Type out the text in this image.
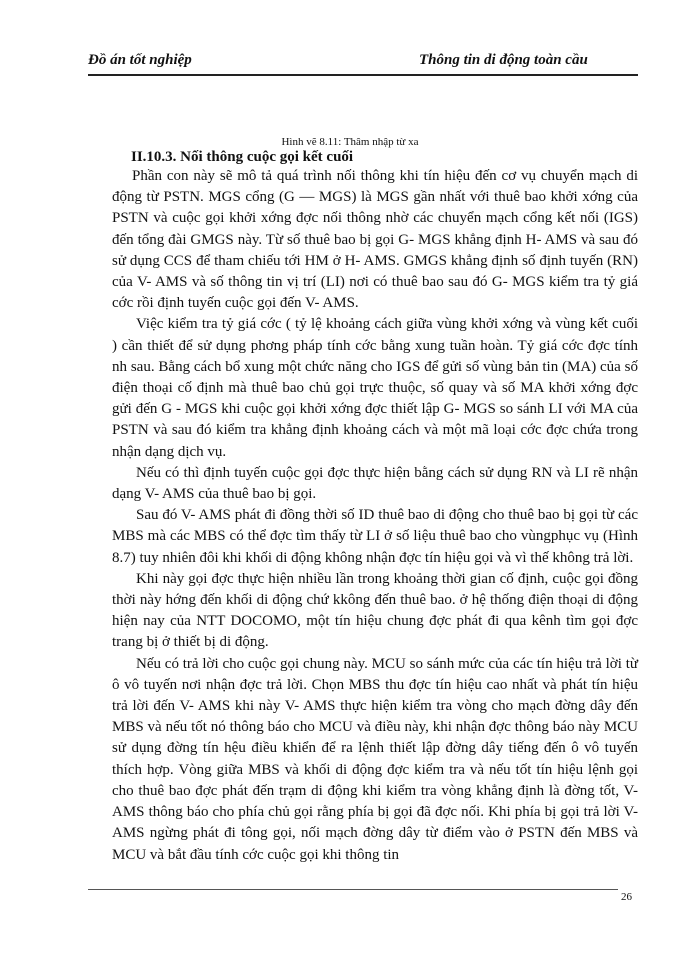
Đồ án tốt nghiệp	Thông tin di động toàn cầu
Hình vẽ 8.11: Thâm nhập từ xa
II.10.3. Nối thông cuộc gọi kết cuối

Phần con này sẽ mô tả quá trình nối thông khi tín hiệu đến cơ vụ chuyển mạch di động từ PSTN. MGS cổng (G — MGS) là MGS gần nhất với thuê bao khởi xớng của PSTN và cuộc gọi khởi xớng đợc nối thông nhờ các chuyển mạch cổng kết nối (IGS) đến tổng đài GMGS này. Từ số thuê bao bị gọi G- MGS khẳng định H- AMS và sau đó sử dụng CCS để tham chiếu tới HM ở H- AMS. GMGS khẳng định số định tuyến (RN) của V- AMS và số thông tin vị trí (LI) nơi có thuê bao sau đó G- MGS kiểm tra tỷ giá cớc rồi định tuyến cuộc gọi đến V- AMS.

Việc kiểm tra tỷ giá cớc ( tỷ lệ khoảng cách giữa vùng khởi xớng và vùng kết cuối ) cần thiết để sử dụng phơng pháp tính cớc bằng xung tuần hoàn. Tỷ giá cớc đợc tính nh sau. Bằng cách bổ xung một chức năng cho IGS để gửi số vùng bản tin (MA) của số điện thoại cố định mà thuê bao chủ gọi trực thuộc, số quay và số MA khởi xớng đợc gửi đến G - MGS khi cuộc gọi khởi xớng đợc thiết lập G- MGS so sánh LI với MA của PSTN và sau đó kiểm tra khẳng định khoảng cách và một mã loại cớc đợc chứa trong nhận dạng dịch vụ.

Nếu có thì định tuyến cuộc gọi đợc thực hiện bằng cách sử dụng RN và LI rẽ nhận dạng V- AMS của thuê bao bị gọi.

Sau đó V- AMS phát đi đồng thời số ID thuê bao di động cho thuê bao bị gọi từ các MBS mà các MBS có thể đợc tìm thấy từ LI ở số liệu thuê bao cho vùngphục vụ (Hình 8.7) tuy nhiên đôi khi khối di động không nhận đợc tín hiệu gọi và vì thế không trả lời.

Khi này gọi đợc thực hiện nhiều lần trong khoảng thời gian cố định, cuộc gọi đồng thời này hớng đến khối di động chứ kkông đến thuê bao. ở hệ thống điện thoại di động hiện nay của NTT DOCOMO, một tín hiệu chung đợc phát đi qua kênh tìm gọi đợc trang bị ở thiết bị di động.

Nếu có trả lời cho cuộc gọi chung này. MCU so sánh mức của các tín hiệu trả lời từ ô vô tuyến nơi nhận đợc trả lời. Chọn MBS thu đợc tín hiệu cao nhất và phát tín hiệu trả lời đến V- AMS khi này V- AMS thực hiện kiểm tra vòng cho mạch đờng dây đến MBS và nếu tốt nó thông báo cho MCU và điều này, khi nhận đợc thông báo này MCU sử dụng đờng tín hệu điều khiển để ra lệnh thiết lập đờng dây tiếng đến ô vô tuyến thích hợp. Vòng giữa MBS và khối di động đợc kiểm tra và nếu tốt tín hiệu lệnh gọi cho thuê bao đợc phát đến trạm di động khi kiểm tra vòng khẳng định là đờng tốt, V- AMS thông báo cho phía chủ gọi rằng phía bị gọi đã đợc nối. Khi phía bị gọi trả lời V-AMS ngừng phát đi tông gọi, nối mạch đờng dây từ điểm vào ở PSTN đến MBS và MCU và bắt đầu tính cớc cuộc gọi khi thông tin

26
